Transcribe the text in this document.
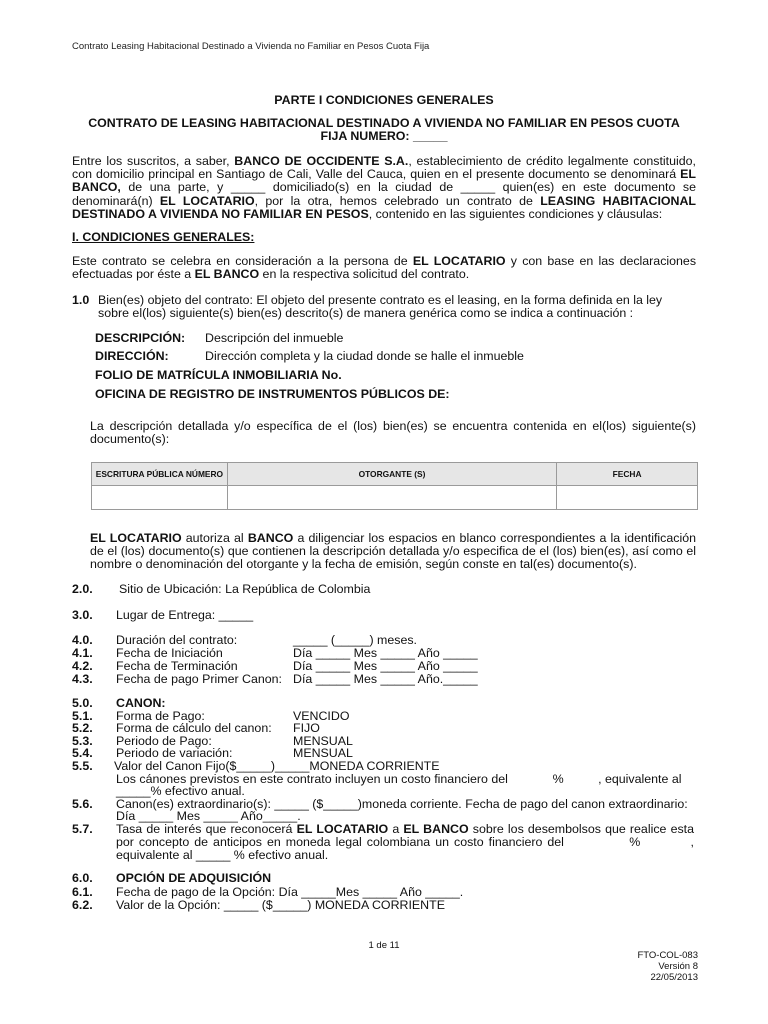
Contrato Leasing Habitacional Destinado a Vivienda no Familiar en Pesos Cuota Fija
PARTE I CONDICIONES GENERALES
CONTRATO DE LEASING HABITACIONAL DESTINADO A VIVIENDA NO FAMILIAR EN PESOS CUOTA
FIJA NUMERO: _____
Entre los suscritos, a saber, BANCO DE OCCIDENTE S.A., establecimiento de crédito legalmente constituido, con domicilio principal en Santiago de Cali, Valle del Cauca, quien en el presente documento se denominará EL BANCO, de una parte, y _____ domiciliado(s) en la ciudad de _____ quien(es) en este documento se denominará(n) EL LOCATARIO, por la otra, hemos celebrado un contrato de LEASING HABITACIONAL DESTINADO A VIVIENDA NO FAMILIAR EN PESOS, contenido en las siguientes condiciones y cláusulas:
I. CONDICIONES GENERALES:
Este contrato se celebra en consideración a la persona de EL LOCATARIO y con base en las declaraciones efectuadas por éste a EL BANCO en la respectiva solicitud del contrato.
1.0 Bien(es) objeto del contrato: El objeto del presente contrato es el leasing, en la forma definida en la ley
sobre el(los) siguiente(s) bien(es) descrito(s) de manera genérica como se indica a continuación :
DESCRIPCIÓN: Descripción del inmueble
DIRECCIÓN:	Dirección completa y la ciudad donde se halle el inmueble
FOLIO DE MATRÍCULA INMOBILIARIA No.
OFICINA DE REGISTRO DE INSTRUMENTOS PÚBLICOS DE:
La descripción detallada y/o específica de el (los) bien(es) se encuentra contenida en el(los) siguiente(s) documento(s):
ESCRITURA PÚBLICA NÚMERO	OTORGANTE (S)	FECHA

EL LOCATARIO autoriza al BANCO a diligenciar los espacios en blanco correspondientes a la identificación de el (los) documento(s) que contienen la descripción detallada y/o especifica de el (los) bien(es), así como el nombre o denominación del otorgante y la fecha de emisión, según conste en tal(es) documento(s).
2.0. Sitio de Ubicación: La República de Colombia
3.0. Lugar de Entrega: _____
4.0. Duración del contrato:	_____ (_____) meses.
4.1. Fecha de Iniciación	Día _____ Mes _____ Año _____
4.2. Fecha de Terminación	Día _____ Mes _____ Año _____
4.3. Fecha de pago Primer Canon: Día _____ Mes _____ Año._____
5.0. CANON:
5.1. Forma de Pago:	VENCIDO
5.2. Forma de cálculo del canon: FIJO
5.3. Periodo de Pago:	MENSUAL
5.4. Periodo de variación:	MENSUAL
5.5. Valor del Canon Fijo($_____)_____MONEDA CORRIENTE
Los cánones previstos en este contrato incluyen un costo financiero del             %          , equivalente al
_____% efectivo anual.
5.6. Canon(es) extraordinario(s): _____ ($_____)moneda corriente. Fecha de pago del canon extraordinario:
Día _____ Mes _____ Año_____.
5.7. Tasa de interés que reconocerá EL LOCATARIO a EL BANCO sobre los desembolsos que realice esta por concepto de anticipos en moneda legal colombiana un costo financiero del             %          , equivalente al _____ % efectivo anual.
6.0. OPCIÓN DE ADQUISICIÓN
6.1. Fecha de pago de la Opción: Día _____Mes _____ Año _____.
6.2. Valor de la Opción: _____ ($_____) MONEDA CORRIENTE
1 de 11
FTO-COL-083
Versión 8
22/05/2013
